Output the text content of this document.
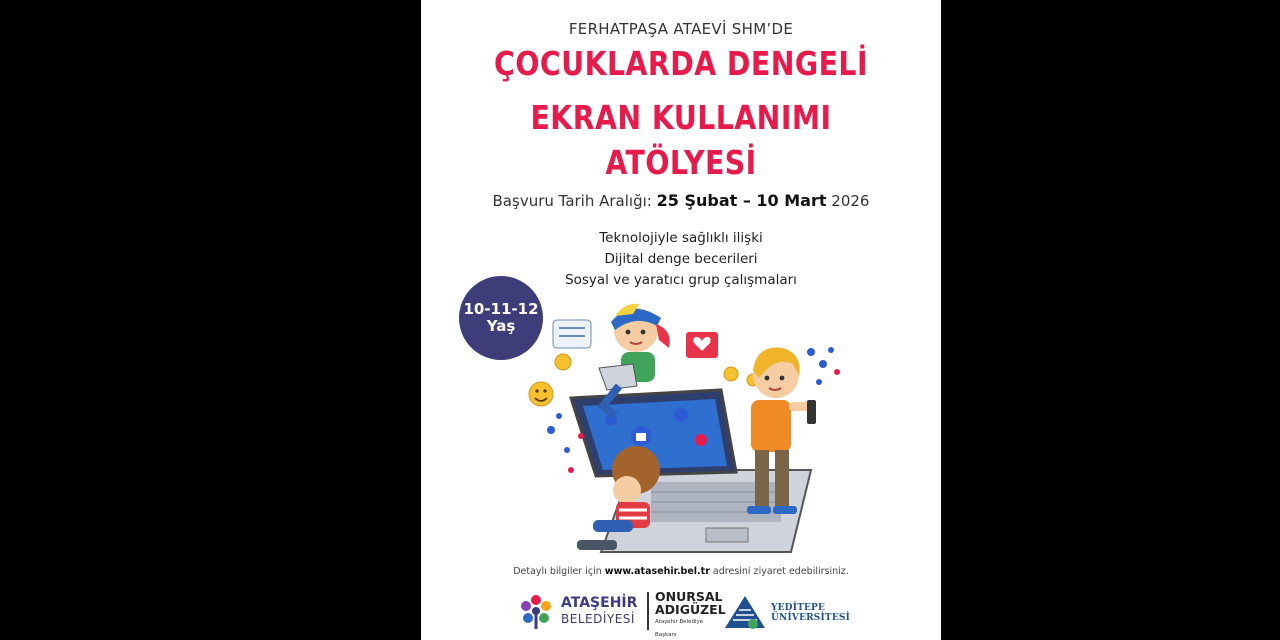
FERHATPAŞA ATAEVİ SHM’DE
ÇOCUKLARDA DENGELİ
EKRAN KULLANIMI
ATÖLYESİ
Başvuru Tarih Aralığı: 25 Şubat – 10 Mart 2026
Teknolojiyle sağlıklı ilişki
Dijital denge becerileri
Sosyal ve yaratıcı grup çalışmaları
10-11-12
Yaş
Detaylı bilgiler için www.atasehir.bel.tr adresini ziyaret edebilirsiniz.
ATAŞEHİR
BELEDİYESİ
ONURSAL
ADIGÜZEL
Ataşehir Belediye Başkanı
YEDİTEPE
ÜNİVERSİTESİ
